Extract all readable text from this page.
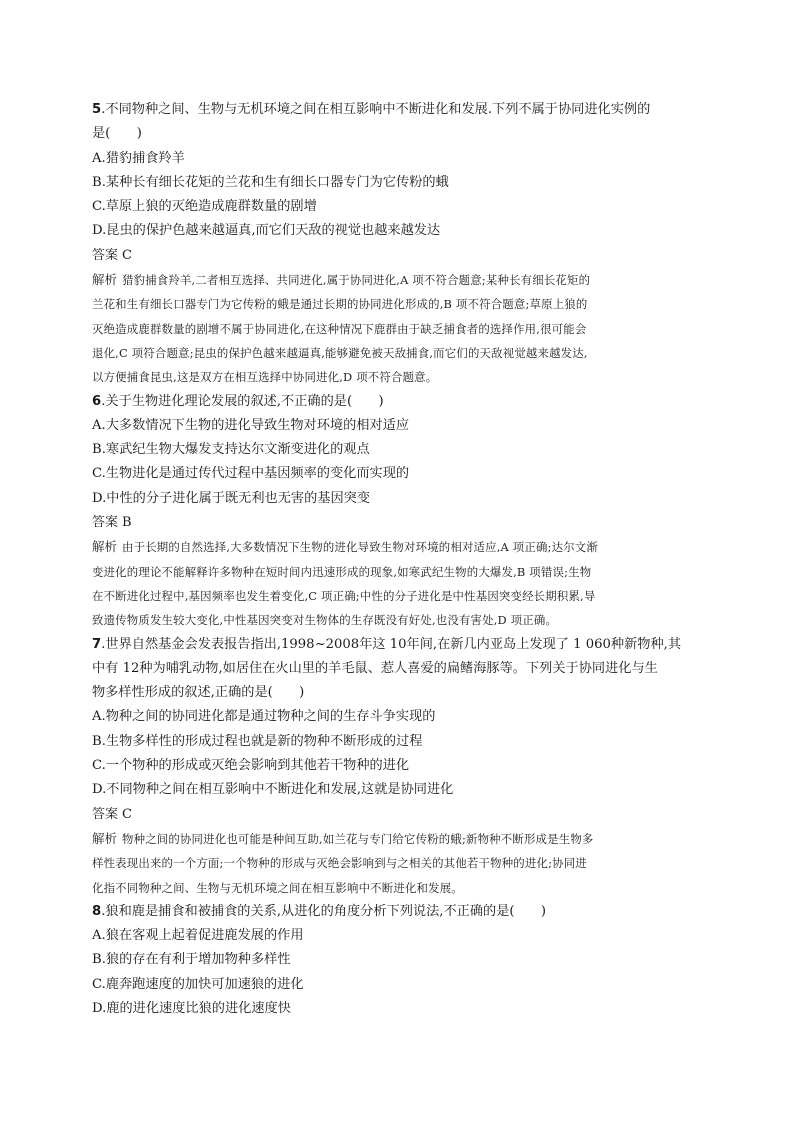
5.不同物种之间、生物与无机环境之间在相互影响中不断进化和发展.下列不属于协同进化实例的
是(　　)
A.猎豹捕食羚羊
B.某种长有细长花矩的兰花和生有细长口器专门为它传粉的蛾
C.草原上狼的灭绝造成鹿群数量的剧增
D.昆虫的保护色越来越逼真,而它们天敌的视觉也越来越发达
答案 C
解析 猎豹捕食羚羊,二者相互选择、共同进化,属于协同进化,A 项不符合题意;某种长有细长花矩的
兰花和生有细长口器专门为它传粉的蛾是通过长期的协同进化形成的,B 项不符合题意;草原上狼的
灭绝造成鹿群数量的剧增不属于协同进化,在这种情况下鹿群由于缺乏捕食者的选择作用,很可能会
退化,C 项符合题意;昆虫的保护色越来越逼真,能够避免被天敌捕食,而它们的天敌视觉越来越发达,
以方便捕食昆虫,这是双方在相互选择中协同进化,D 项不符合题意。
6.关于生物进化理论发展的叙述,不正确的是(　　)
A.大多数情况下生物的进化导致生物对环境的相对适应
B.寒武纪生物大爆发支持达尔文渐变进化的观点
C.生物进化是通过传代过程中基因频率的变化而实现的
D.中性的分子进化属于既无利也无害的基因突变
答案 B
解析 由于长期的自然选择,大多数情况下生物的进化导致生物对环境的相对适应,A 项正确;达尔文渐
变进化的理论不能解释许多物种在短时间内迅速形成的现象,如寒武纪生物的大爆发,B 项错误;生物
在不断进化过程中,基因频率也发生着变化,C 项正确;中性的分子进化是中性基因突变经长期积累,导
致遗传物质发生较大变化,中性基因突变对生物体的生存既没有好处,也没有害处,D 项正确。
7.世界自然基金会发表报告指出,1998~2008年这 10年间,在新几内亚岛上发现了 1 060种新物种,其
中有 12种为哺乳动物,如居住在火山里的羊毛鼠、惹人喜爱的扁鳍海豚等。下列关于协同进化与生
物多样性形成的叙述,正确的是(　　)
A.物种之间的协同进化都是通过物种之间的生存斗争实现的
B.生物多样性的形成过程也就是新的物种不断形成的过程
C.一个物种的形成或灭绝会影响到其他若干物种的进化
D.不同物种之间在相互影响中不断进化和发展,这就是协同进化
答案 C
解析 物种之间的协同进化也可能是种间互助,如兰花与专门给它传粉的蛾;新物种不断形成是生物多
样性表现出来的一个方面;一个物种的形成与灭绝会影响到与之相关的其他若干物种的进化;协同进
化指不同物种之间、生物与无机环境之间在相互影响中不断进化和发展。
8.狼和鹿是捕食和被捕食的关系,从进化的角度分析下列说法,不正确的是(　　)
A.狼在客观上起着促进鹿发展的作用
B.狼的存在有利于增加物种多样性
C.鹿奔跑速度的加快可加速狼的进化
D.鹿的进化速度比狼的进化速度快
